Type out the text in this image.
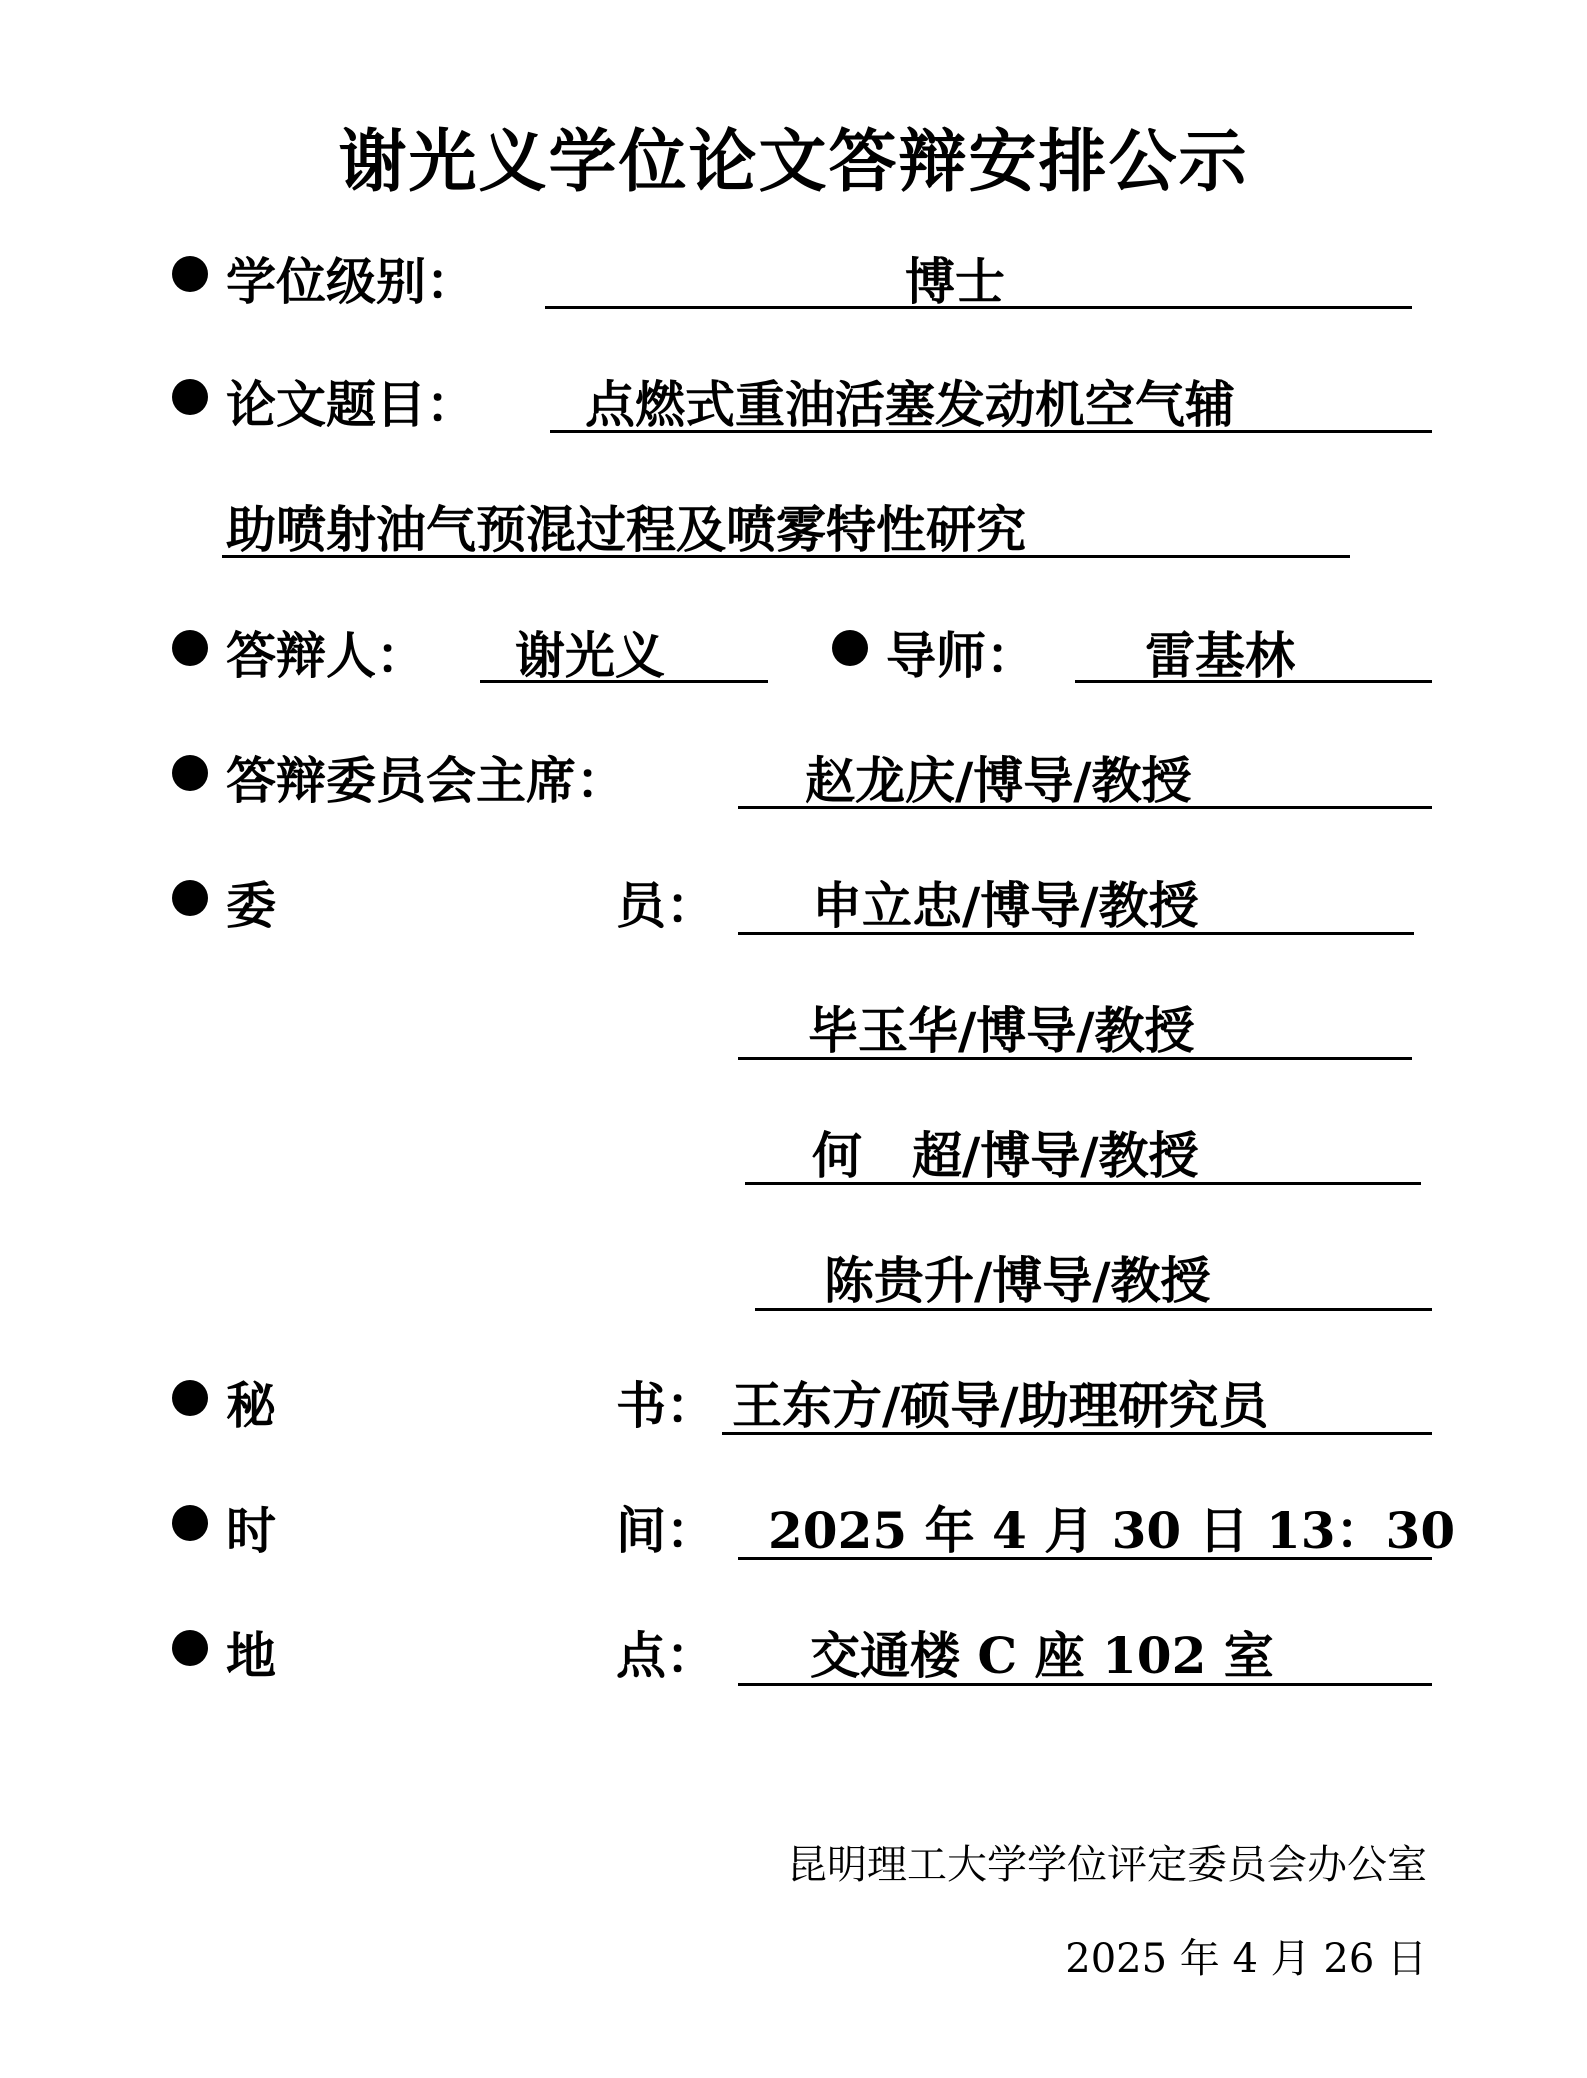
谢光义学位论文答辩安排公示
学位级别：	博士
论文题目： 点燃式重油活塞发动机空气辅
助喷射油气预混过程及喷雾特性研究
答辩人： 谢光义	导师： 雷基林
答辩委员会主席：	赵龙庆/博导/教授
委	员： 申立忠/博导/教授
毕玉华/博导/教授
何　超/博导/教授
陈贵升/博导/教授
秘	书： 王东方/硕导/助理研究员
时	间： 2025 年 4 月 30 日 13：30
地	点： 交通楼 C 座 102 室
昆明理工大学学位评定委员会办公室
2025 年 4 月 26 日
